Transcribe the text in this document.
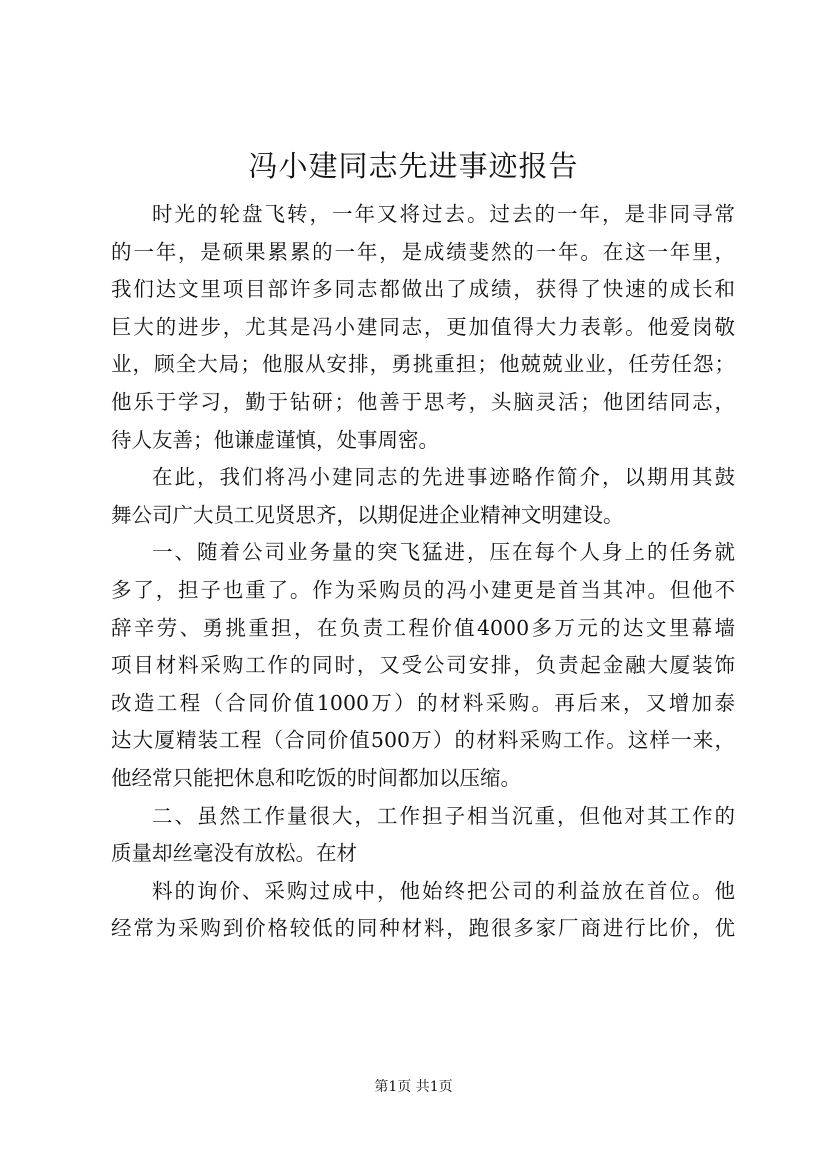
冯小建同志先进事迹报告
时光的轮盘飞转，一年又将过去。过去的一年，是非同寻常
的一年，是硕果累累的一年，是成绩斐然的一年。在这一年里，
我们达文里项目部许多同志都做出了成绩，获得了快速的成长和
巨大的进步，尤其是冯小建同志，更加值得大力表彰。他爱岗敬
业，顾全大局；他服从安排，勇挑重担；他兢兢业业，任劳任怨；
他乐于学习，勤于钻研；他善于思考，头脑灵活；他团结同志，
待人友善；他谦虚谨慎，处事周密。
在此，我们将冯小建同志的先进事迹略作简介，以期用其鼓
舞公司广大员工见贤思齐，以期促进企业精神文明建设。
一、随着公司业务量的突飞猛进，压在每个人身上的任务就
多了，担子也重了。作为采购员的冯小建更是首当其冲。但他不
辞辛劳、勇挑重担，在负责工程价值4000多万元的达文里幕墙
项目材料采购工作的同时，又受公司安排，负责起金融大厦装饰
改造工程（合同价值1000万）的材料采购。再后来，又增加泰
达大厦精装工程（合同价值500万）的材料采购工作。这样一来，
他经常只能把休息和吃饭的时间都加以压缩。
二、虽然工作量很大，工作担子相当沉重，但他对其工作的
质量却丝毫没有放松。在材
料的询价、采购过成中，他始终把公司的利益放在首位。他
经常为采购到价格较低的同种材料，跑很多家厂商进行比价，优
第1页 共1页
